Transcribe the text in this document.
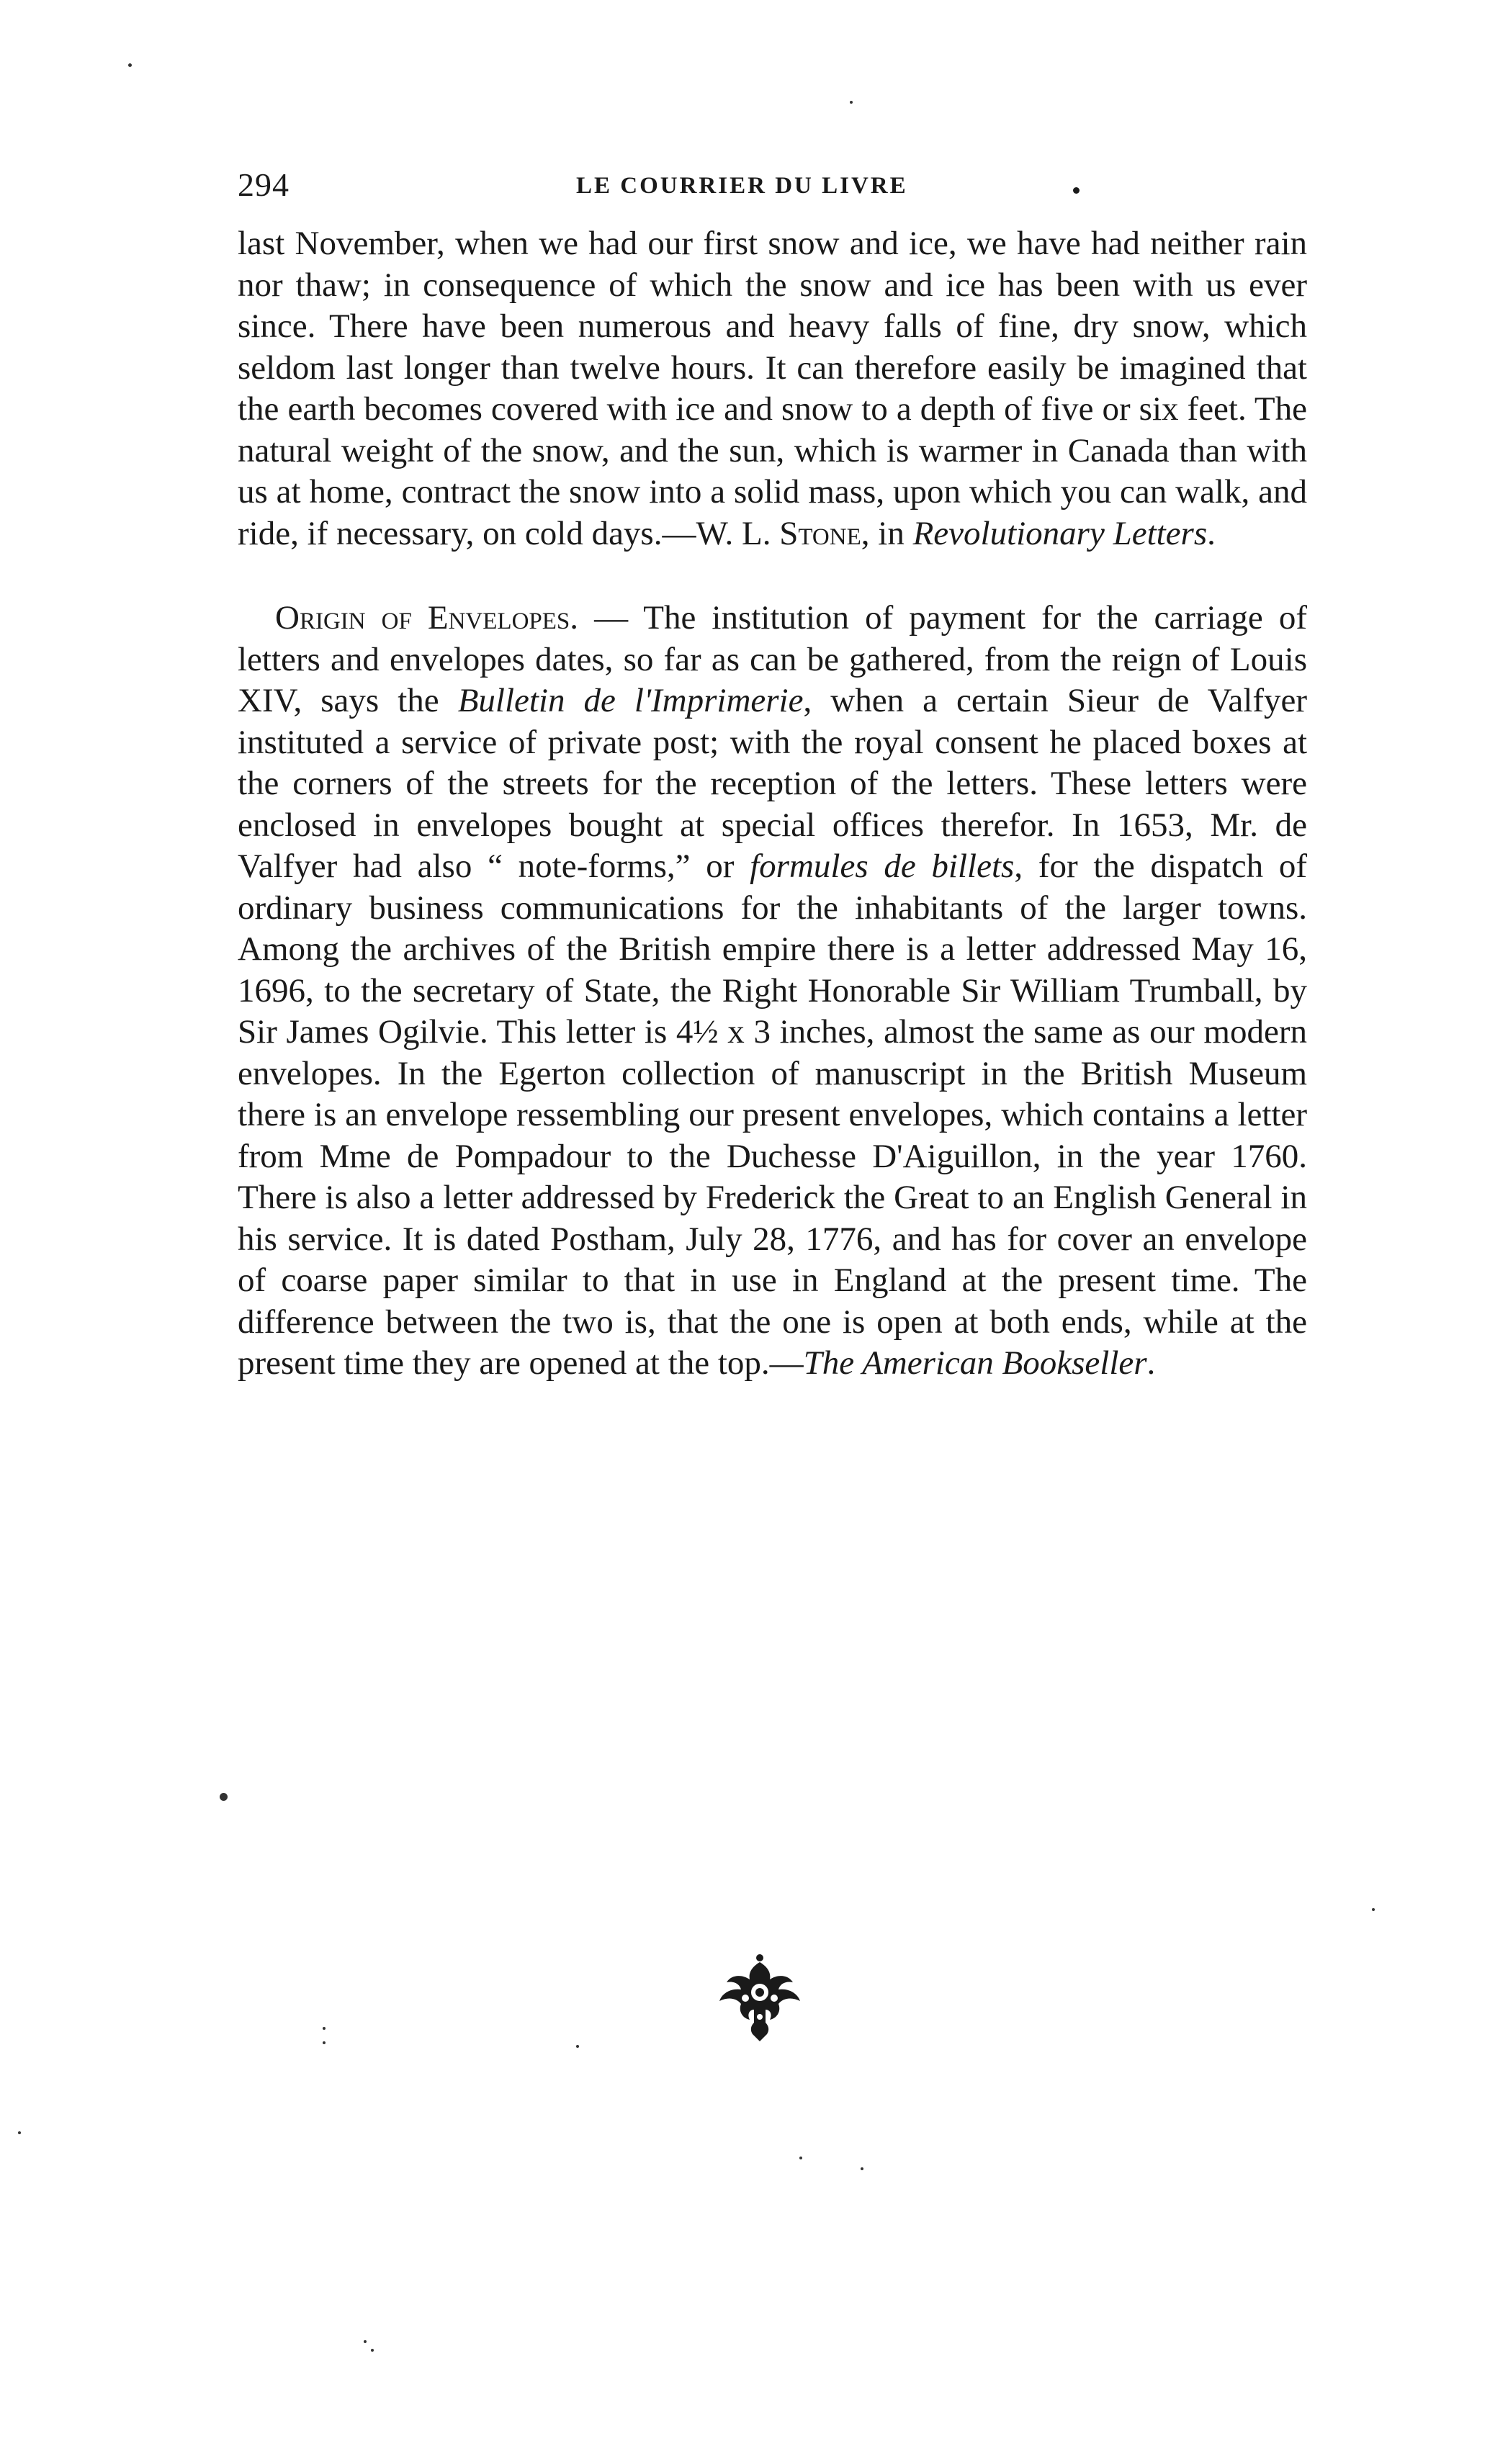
294	LE COURRIER DU LIVRE

last November, when we had our first snow and ice, we have had neither rain nor thaw; in consequence of which the snow and ice has been with us ever since. There have been numerous and heavy falls of fine, dry snow, which seldom last longer than twelve hours. It can therefore easily be imagined that the earth becomes covered with ice and snow to a depth of five or six feet. The natural weight of the snow, and the sun, which is warmer in Canada than with us at home, contract the snow into a solid mass, upon which you can walk, and ride, if necessary, on cold days.—W. L. Stone, in Revolutionary Letters.

Origin of Envelopes. — The institution of payment for the carriage of letters and envelopes dates, so far as can be gathered, from the reign of Louis XIV, says the Bulletin de l'Imprimerie, when a certain Sieur de Valfyer instituted a service of private post; with the royal consent he placed boxes at the corners of the streets for the reception of the letters. These letters were enclosed in envelopes bought at special offices therefor. In 1653, Mr. de Valfyer had also “ note-forms,” or formules de billets, for the dispatch of ordinary business communications for the inhabitants of the larger towns. Among the archives of the British empire there is a letter addressed May 16, 1696, to the secretary of State, the Right Honorable Sir William Trumball, by Sir James Ogilvie. This letter is 4½ x 3 inches, almost the same as our modern envelopes. In the Egerton collection of manuscript in the British Museum there is an envelope ressembling our present envelopes, which contains a letter from Mme de Pompadour to the Duchesse D'Aiguillon, in the year 1760. There is also a letter addressed by Frederick the Great to an English General in his service. It is dated Postham, July 28, 1776, and has for cover an envelope of coarse paper similar to that in use in England at the present time. The difference between the two is, that the one is open at both ends, while at the present time they are opened at the top.—The American Bookseller.
